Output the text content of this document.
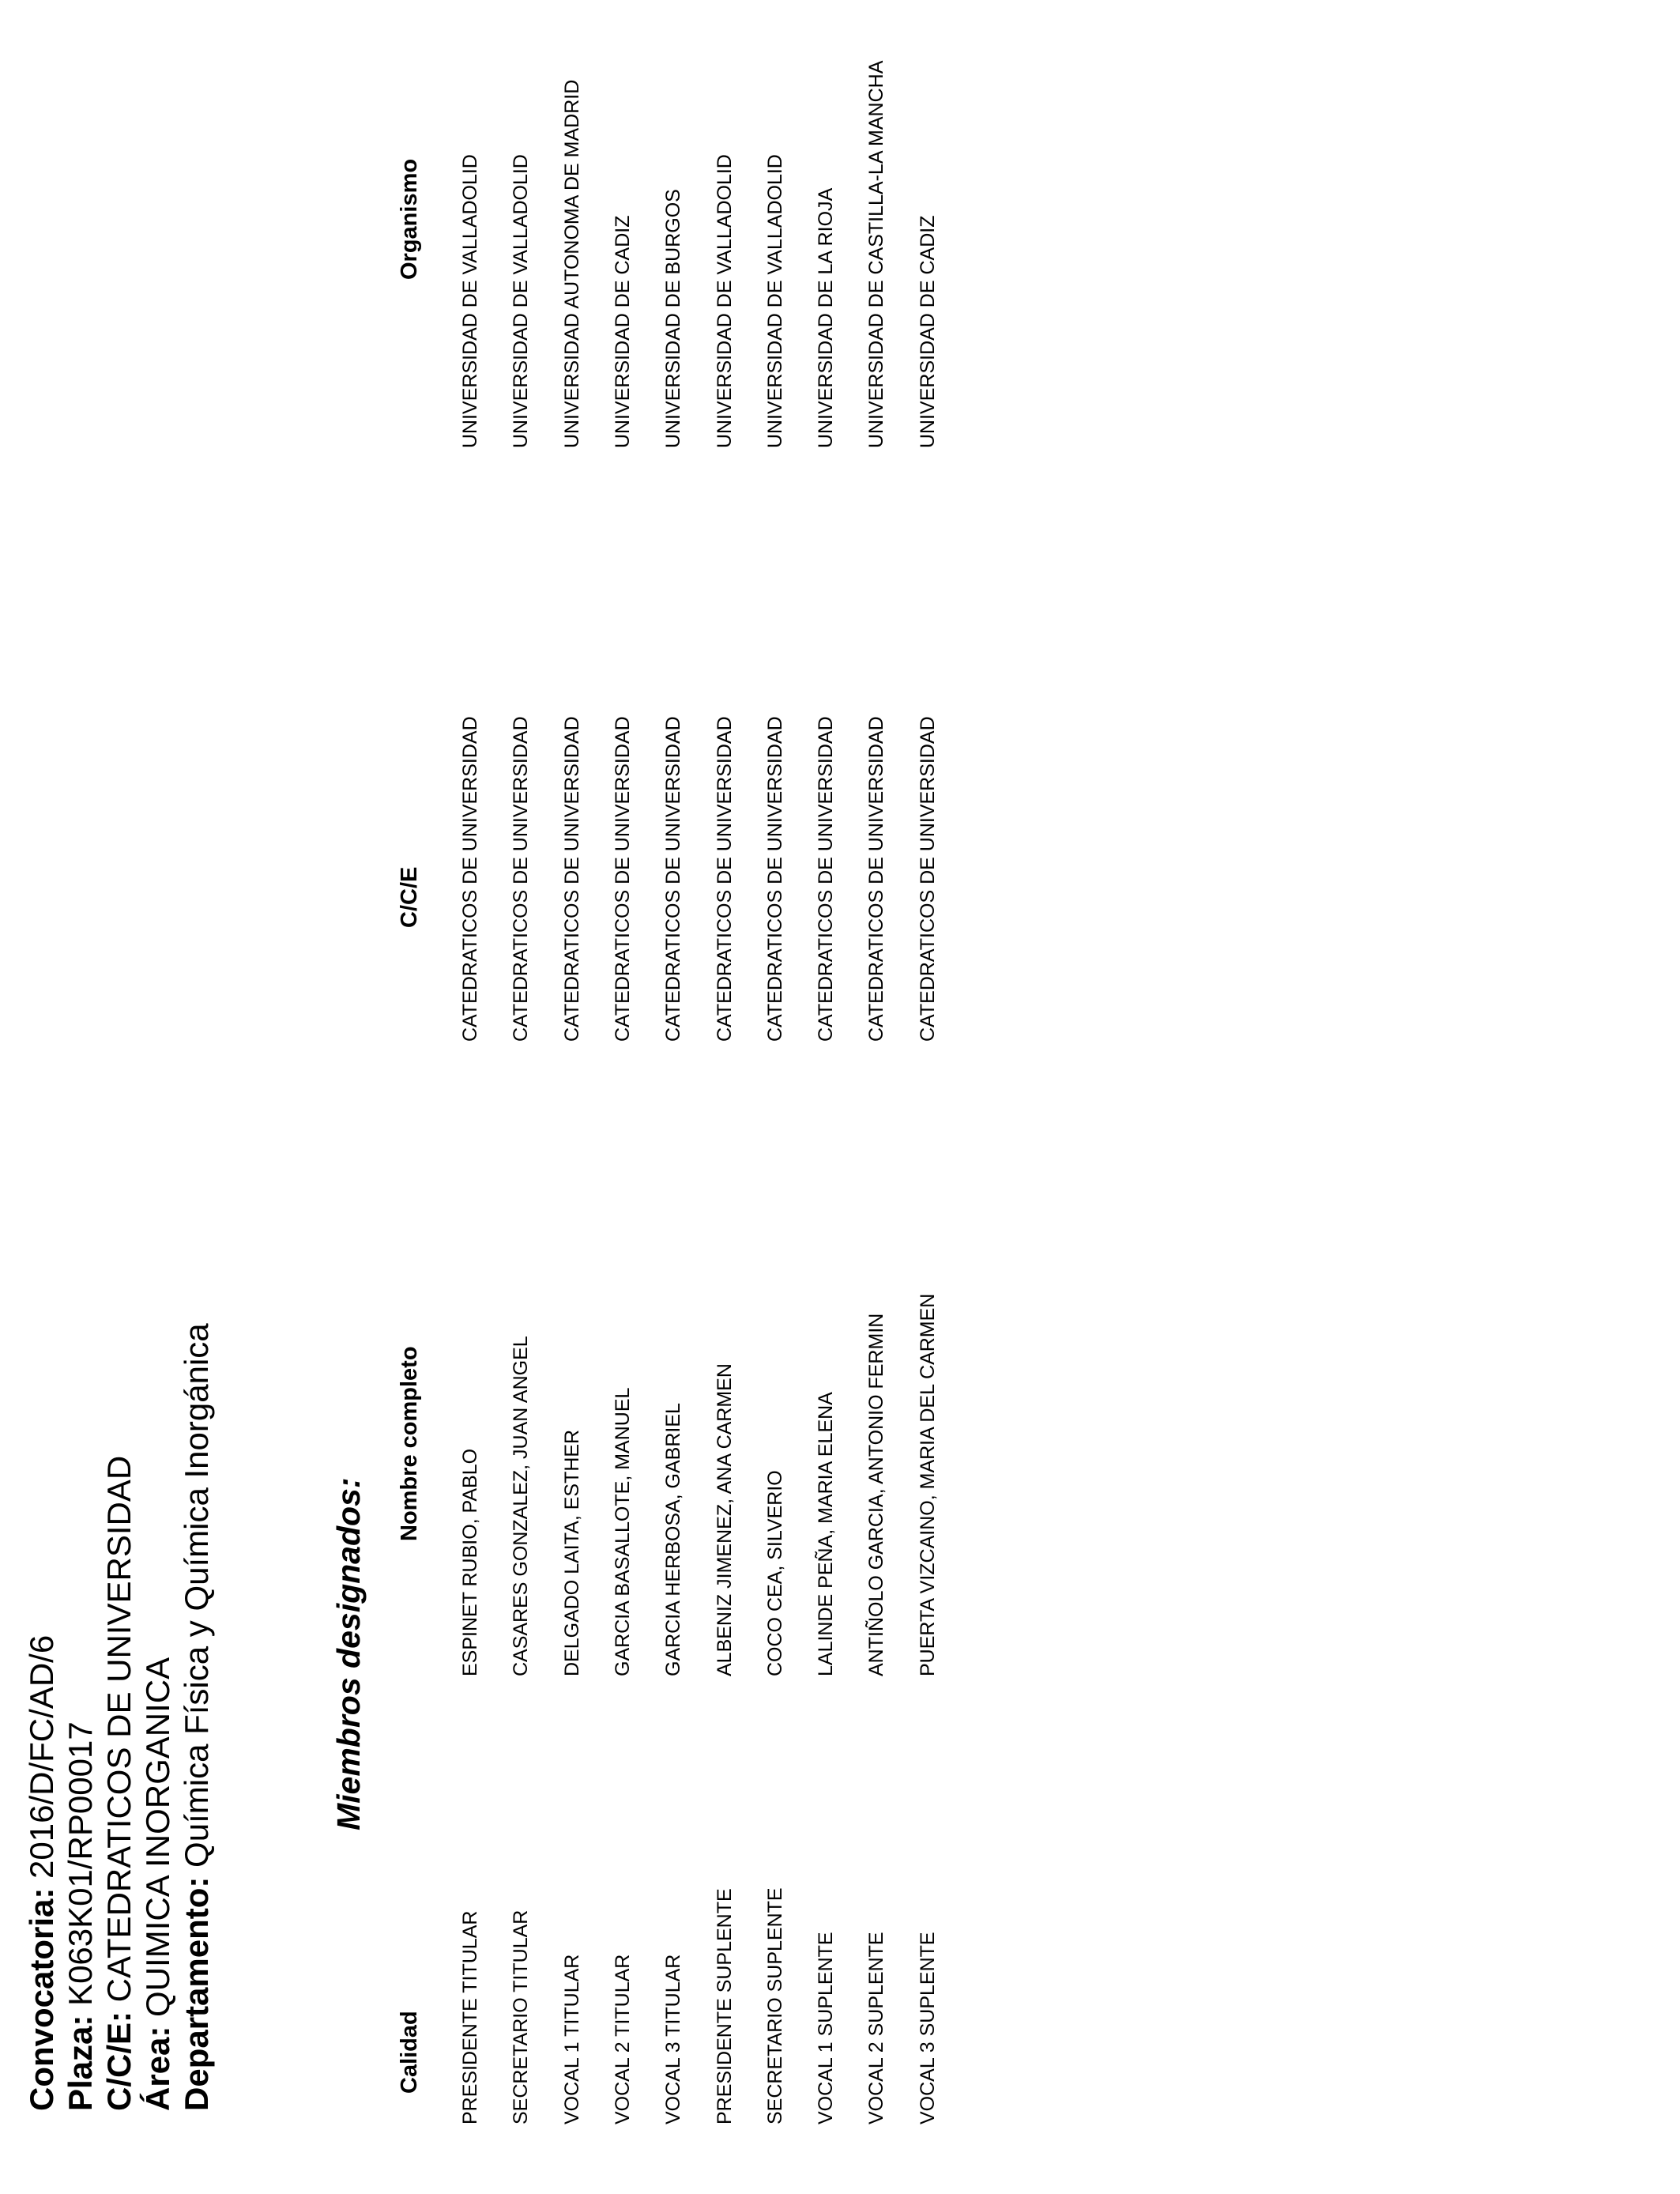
Convocatoria: 2016/D/FC/AD/6
Plaza: K063K01/RP00017
C/C/E: CATEDRATICOS DE UNIVERSIDAD
Área: QUIMICA INORGANICA Departamento: Química Física y Química Inorgánica	Miembros designados:
Calidad
Nombre completo
C/C/E
Organismo
PRESIDENTE TITULAR
ESPINET RUBIO, PABLO
CATEDRATICOS DE UNIVERSIDAD
UNIVERSIDAD DE VALLADOLID
SECRETARIO TITULAR
CASARES GONZALEZ, JUAN ANGEL
CATEDRATICOS DE UNIVERSIDAD
UNIVERSIDAD DE VALLADOLID
VOCAL 1 TITULAR
DELGADO LAITA, ESTHER
CATEDRATICOS DE UNIVERSIDAD
UNIVERSIDAD AUTONOMA DE MADRID
VOCAL 2 TITULAR
GARCIA BASALLOTE, MANUEL
CATEDRATICOS DE UNIVERSIDAD
UNIVERSIDAD DE CADIZ
VOCAL 3 TITULAR
GARCIA HERBOSA, GABRIEL
CATEDRATICOS DE UNIVERSIDAD
UNIVERSIDAD DE BURGOS
PRESIDENTE SUPLENTE
ALBENIZ JIMENEZ, ANA CARMEN
CATEDRATICOS DE UNIVERSIDAD
UNIVERSIDAD DE VALLADOLID
SECRETARIO SUPLENTE
COCO CEA, SILVERIO
CATEDRATICOS DE UNIVERSIDAD
UNIVERSIDAD DE VALLADOLID
VOCAL 1 SUPLENTE
LALINDE PEÑA, MARIA ELENA
CATEDRATICOS DE UNIVERSIDAD
UNIVERSIDAD DE LA RIOJA
VOCAL 2 SUPLENTE
ANTIÑOLO GARCIA, ANTONIO FERMIN
CATEDRATICOS DE UNIVERSIDAD
UNIVERSIDAD DE CASTILLA-LA MANCHA
VOCAL 3 SUPLENTE
PUERTA VIZCAINO, MARIA DEL CARMEN
CATEDRATICOS DE UNIVERSIDAD
UNIVERSIDAD DE CADIZ
